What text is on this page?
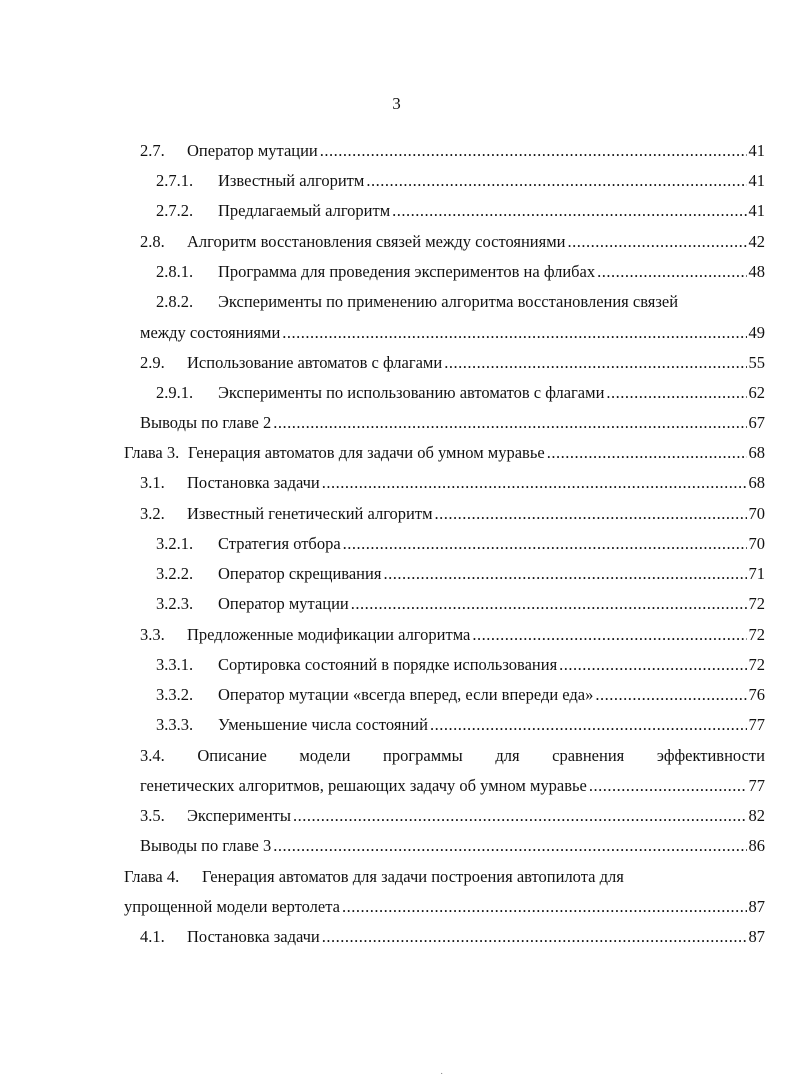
3
2.7.	Оператор мутации .....	41
2.7.1.	Известный алгоритм .....	41
2.7.2.	Предлагаемый алгоритм .....	41
2.8.	Алгоритм восстановления связей между состояниями .....	42
2.8.1.	Программа для проведения экспериментов на флибах .....	48
2.8.2.	Эксперименты по применению алгоритма восстановления связей
между состояниями .....	49
2.9.	Использование автоматов с флагами .....	55
2.9.1.	Эксперименты по использованию автоматов с флагами .....	62
Выводы по главе 2 .....	67
Глава 3. Генерация автоматов для задачи об умном муравье .....	68
3.1.	Постановка задачи .....	68
3.2.	Известный генетический алгоритм .....	70
3.2.1.	Стратегия отбора .....	70
3.2.2.	Оператор скрещивания .....	71
3.2.3.	Оператор мутации .....	72
3.3.	Предложенные модификации алгоритма .....	72
3.3.1.	Сортировка состояний в порядке использования .....	72
3.3.2.	Оператор мутации «всегда вперед, если впереди еда» .....	76
3.3.3.	Уменьшение числа состояний .....	77
3.4. Описание модели программы для сравнения эффективности
генетических алгоритмов, решающих задачу об умном муравье .....	77
3.5.	Эксперименты .....	82
Выводы по главе 3 .....	86
Глава 4.	Генерация автоматов для задачи построения автопилота для
упрощенной модели вертолета .....	87
4.1.	Постановка задачи .....	87
˙
